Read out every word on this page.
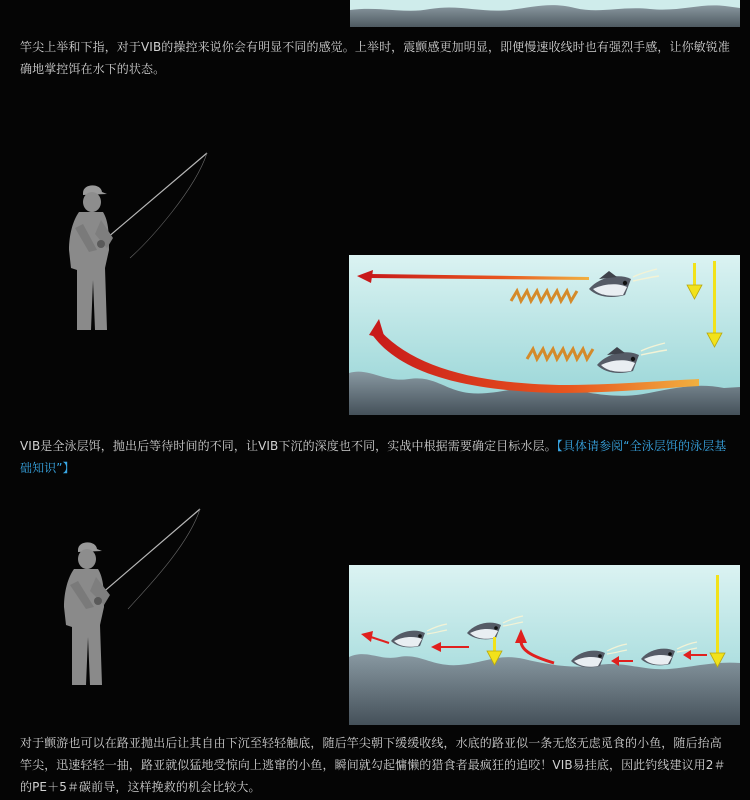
竿尖上举和下指，对于VIB的操控来说你会有明显不同的感觉。上举时，震颤感更加明显，即便慢速收线时也有强烈手感，让你敏锐准确地掌控饵在水下的状态。

VIB是全泳层饵，抛出后等待时间的不同，让VIB下沉的深度也不同，实战中根据需要确定目标水层。【具体请参阅“全泳层饵的泳层基础知识”】

对于颤游也可以在路亚抛出后让其自由下沉至轻轻触底，随后竿尖朝下缓缓收线，水底的路亚似一条无悠无虑觅食的小鱼，随后抬高竿尖，迅速轻轻一抽，路亚就似猛地受惊向上逃窜的小鱼，瞬间就勾起慵懒的猎食者最疯狂的追咬！VIB易挂底，因此钓线建议用2＃的PE＋5＃碳前导，这样挽救的机会比较大。
